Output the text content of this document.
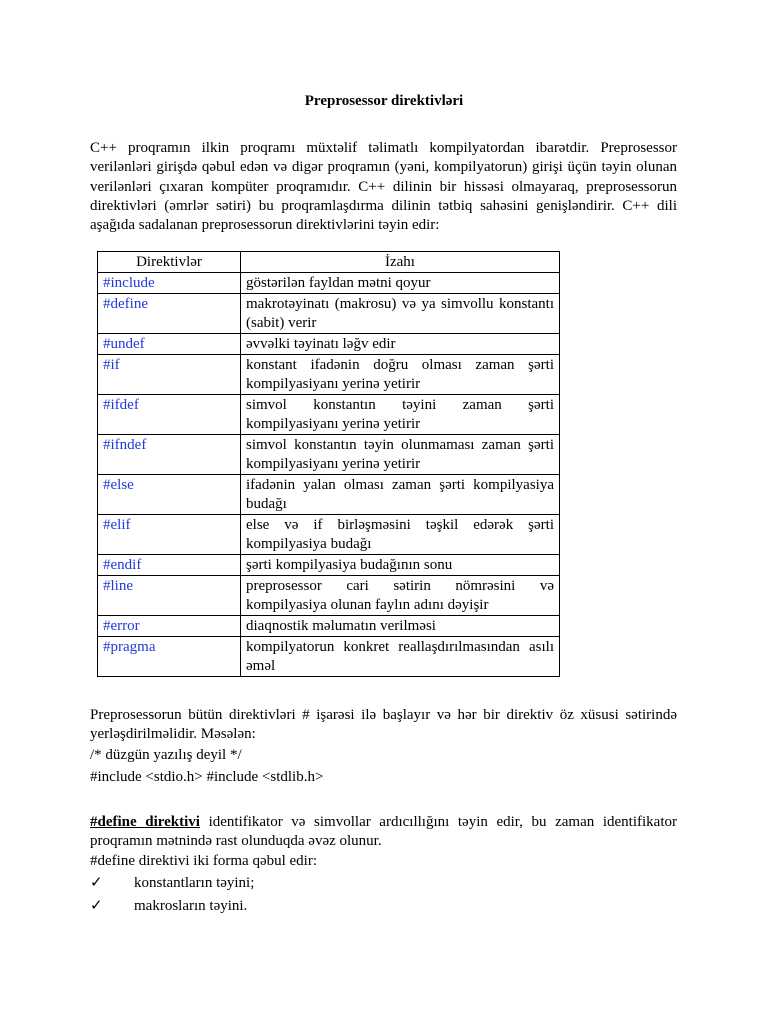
Preprosessor direktivləri

C++ proqramın ilkin proqramı müxtəlif təlimatlı kompilyatordan ibarətdir. Preprosessor verilənləri girişdə qəbul edən və digər proqramın (yəni, kompilyatorun) girişi üçün təyin olunan verilənləri çıxaran kompüter proqramıdır. C++ dilinin bir hissəsi olmayaraq, preprosessorun direktivləri (əmrlər sətiri) bu proqramlaşdırma dilinin tətbiq sahəsini genişləndirir. C++ dili aşağıda sadalanan preprosessorun direktivlərini təyin edir:

Direktivlər	İzahı
#include	göstərilən fayldan mətni qoyur
#define	makrotəyinatı (makrosu) və ya simvollu konstantı (sabit) verir
#undef	əvvəlki təyinatı ləğv edir
#if	konstant ifadənin doğru olması zaman şərti kompilyasiyanı yerinə yetirir
#ifdef	simvol konstantın təyini zaman şərti kompilyasiyanı yerinə yetirir
#ifndef	simvol konstantın təyin olunmaması zaman şərti kompilyasiyanı yerinə yetirir
#else	ifadənin yalan olması zaman şərti kompilyasiya budağı
#elif	else və if birləşməsini təşkil edərək şərti kompilyasiya budağı
#endif	şərti kompilyasiya budağının sonu
#line	preprosessor cari sətirin nömrəsini və kompilyasiya olunan faylın adını dəyişir
#error	diaqnostik məlumatın verilməsi
#pragma	kompilyatorun konkret reallaşdırılmasından asılı əməl

Preprosessorun bütün direktivləri # işarəsi ilə başlayır və hər bir direktiv öz xüsusi sətirində yerləşdirilməlidir. Məsələn:

/* düzgün yazılış deyil */
#include <stdio.h> #include <stdlib.h>

#define direktivi identifikator və simvollar ardıcıllığını təyin edir, bu zaman identifikator proqramın mətnində rast olunduqda əvəz olunur.

#define direktivi iki forma qəbul edir:
✓ konstantların təyini;
✓ makrosların təyini.
